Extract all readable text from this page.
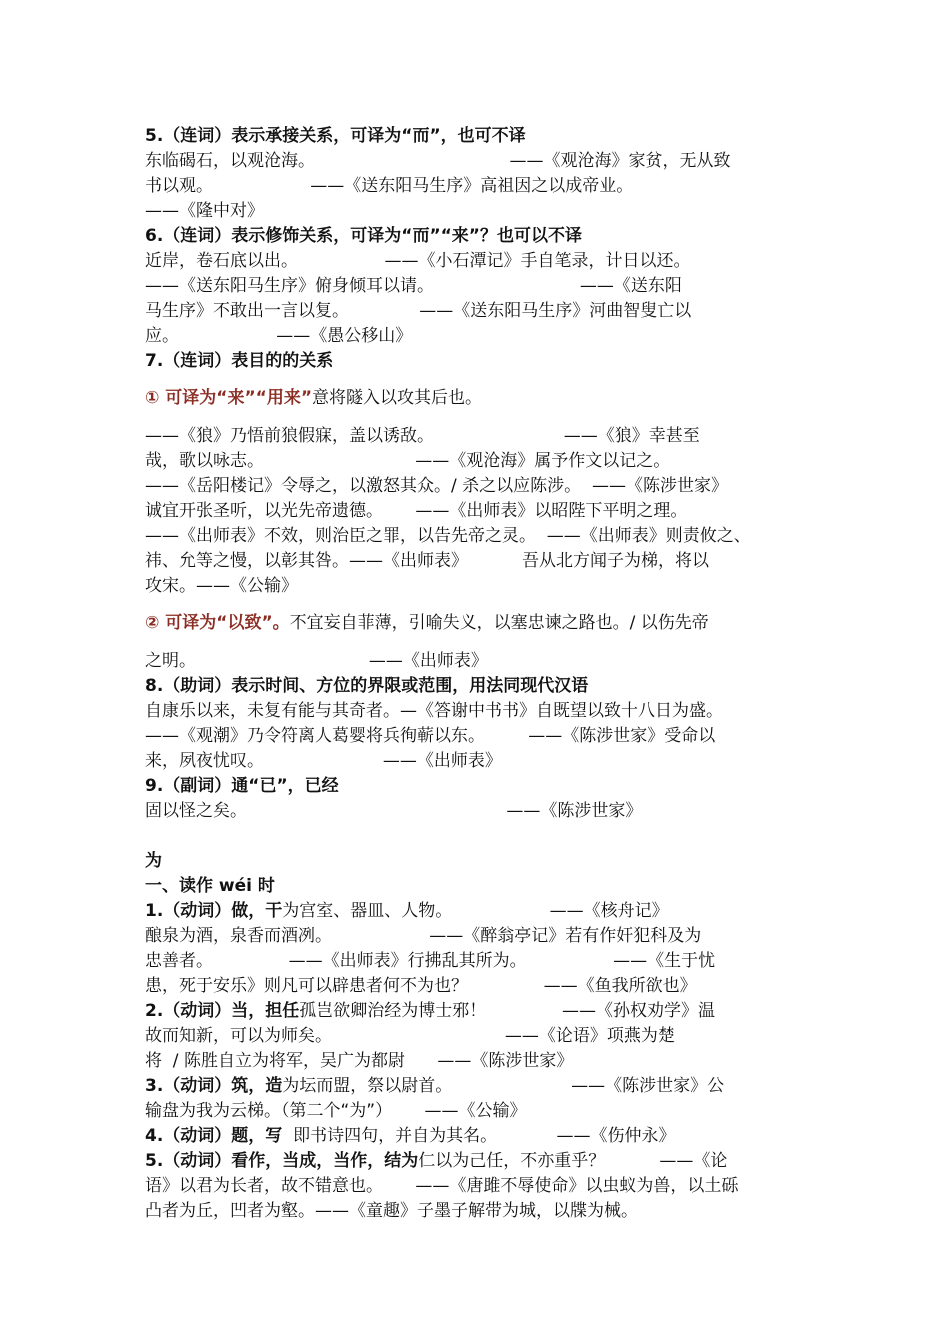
5.（连词）表示承接关系，可译为“而”，也可不译
东临碣石，以观沧海。                                    ——《观沧海》家贫，无从致
书以观。                  ——《送东阳马生序》高祖因之以成帝业。
——《隆中对》
6.（连词）表示修饰关系，可译为“而”“来”？也可以不译
近岸，卷石底以出。                ——《小石潭记》手自笔录，计日以还。
——《送东阳马生序》俯身倾耳以请。                           ——《送东阳
马生序》不敢出一言以复。             ——《送东阳马生序》河曲智叟亡以
应。                  ——《愚公移山》
7.（连词）表目的的关系
① 可译为“来”“用来”意将隧入以攻其后也。
——《狼》乃悟前狼假寐，盖以诱敌。                        ——《狼》幸甚至
哉，歌以咏志。                            ——《观沧海》属予作文以记之。
——《岳阳楼记》令辱之，以激怒其众。/ 杀之以应陈涉。  ——《陈涉世家》
诚宜开张圣听，以光先帝遗德。      ——《出师表》以昭陛下平明之理。
——《出师表》不效，则治臣之罪，以告先帝之灵。  ——《出师表》则责攸之、
祎、允等之慢，以彰其咎。——《出师表》          吾从北方闻子为梯，将以
攻宋。——《公输》
② 可译为“以致”。不宜妄自菲薄，引喻失义，以塞忠谏之路也。/ 以伤先帝
之明。                                ——《出师表》
8.（助词）表示时间、方位的界限或范围，用法同现代汉语
自康乐以来，未复有能与其奇者。—《答谢中书书》自既望以致十八日为盛。
——《观潮》乃令符离人葛婴将兵徇蕲以东。        ——《陈涉世家》受命以
来，夙夜忧叹。                      ——《出师表》
9.（副词）通“已”，已经
固以怪之矣。                                                ——《陈涉世家》
为
一、读作 wéi 时
1.（动词）做，干为宫室、器皿、人物。                  ——《核舟记》
酿泉为酒，泉香而酒冽。                  ——《醉翁亭记》若有作奸犯科及为
忠善者。              ——《出师表》行拂乱其所为。                ——《生于忧
患，死于安乐》则凡可以辟患者何不为也？              ——《鱼我所欲也》
2.（动词）当，担任孤岂欲卿治经为博士邪！              ——《孙权劝学》温
故而知新，可以为师矣。                                ——《论语》项燕为楚
将  / 陈胜自立为将军，吴广为都尉      ——《陈涉世家》
3.（动词）筑，造为坛而盟，祭以尉首。                      ——《陈涉世家》公
输盘为我为云梯。（第二个“为”）      ——《公输》
4.（动词）题，写  即书诗四句，并自为其名。           ——《伤仲永》
5.（动词）看作，当成，当作，结为仁以为己任，不亦重乎？          ——《论
语》以君为长者，故不错意也。      ——《唐雎不辱使命》以虫蚁为兽，以土砾
凸者为丘，凹者为壑。——《童趣》子墨子解带为城，以牒为械。
